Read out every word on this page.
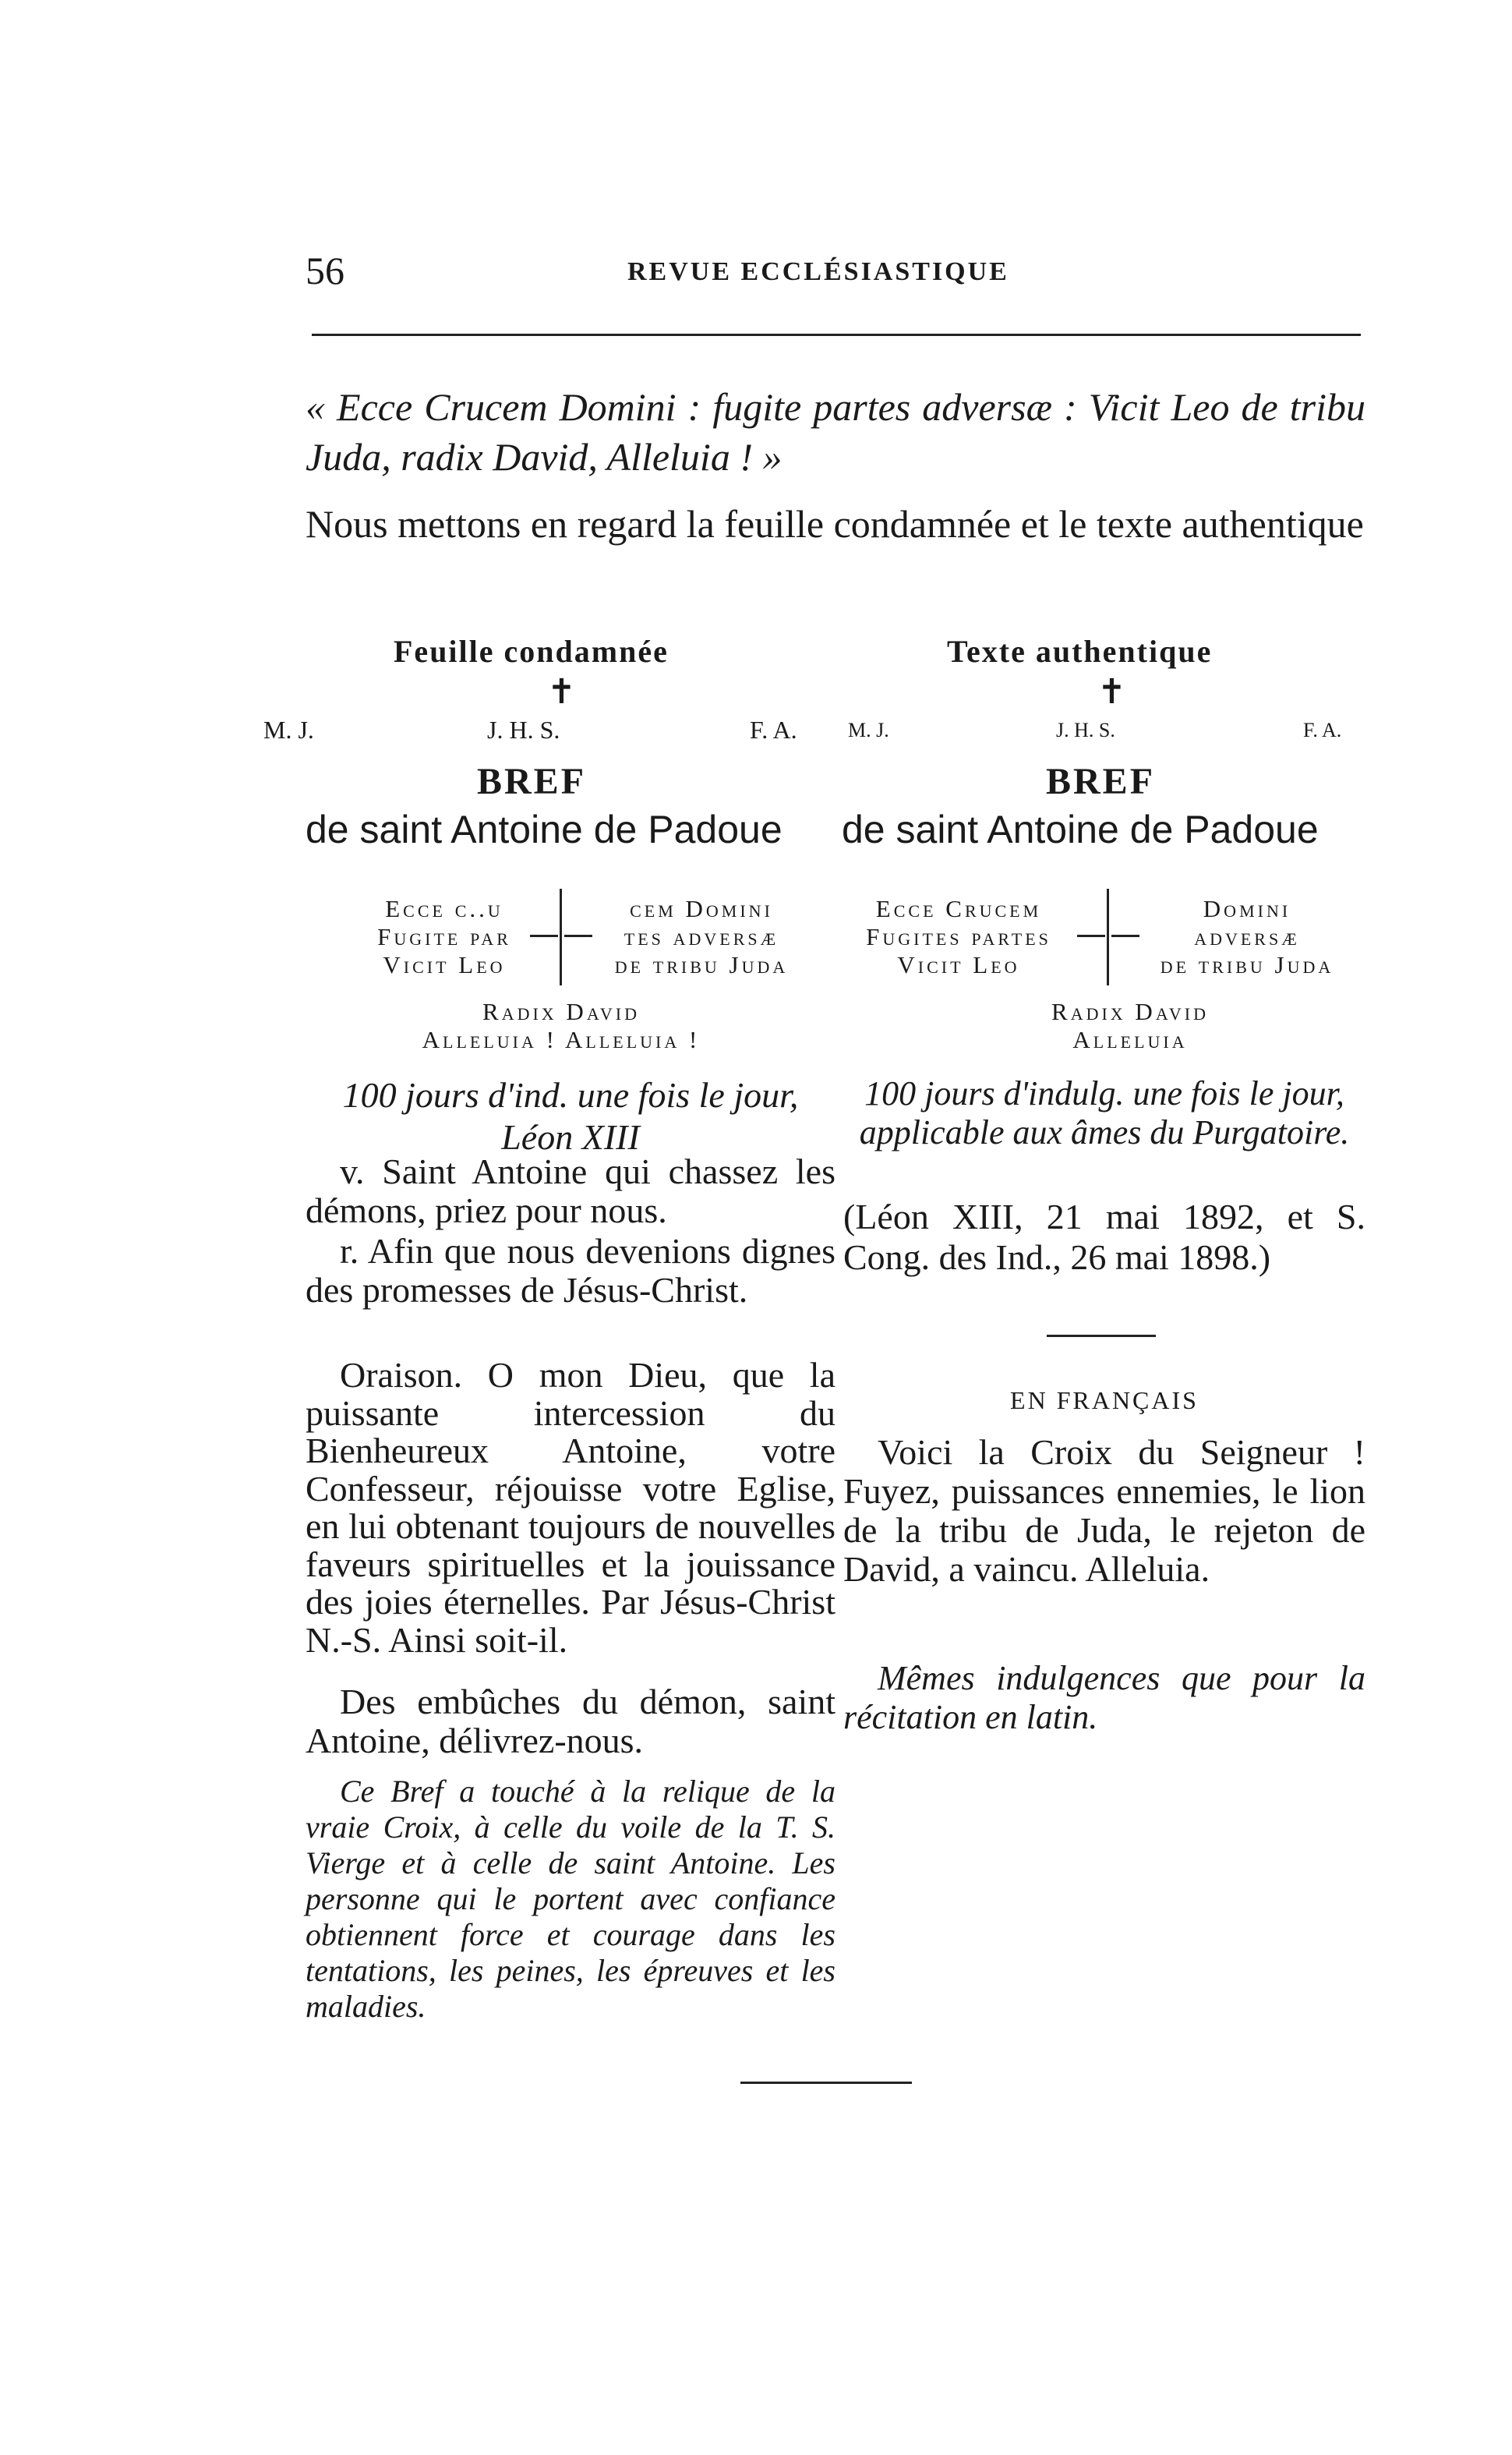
56	REVUE ECCLÉSIASTIQUE
« Ecce Crucem Domini : fugite partes adversæ : Vicit Leo de tribu Juda, radix David, Alleluia ! »
Nous mettons en regard la feuille condamnée et le texte authentique
Feuille condamnée
✝
M. J.	J. H. S.	F. A.
BREF
de saint Antoine de Padoue
Ecce c..u
Fugite par
Vicit Leo
cem Domini
tes adversæ
de tribu Juda
Radix David
Alleluia ! Alleluia !
100 jours d'ind. une fois le jour, Léon XIII
v. Saint Antoine qui chassez les démons, priez pour nous.
r. Afin que nous devenions dignes des promesses de Jésus-Christ.
Oraison. O mon Dieu, que la puissante intercession du Bienheureux Antoine, votre Confesseur, réjouisse votre Eglise, en lui obtenant toujours de nouvelles faveurs spirituelles et la jouissance des joies éternelles. Par Jésus-Christ N.-S. Ainsi soit-il.
Des embûches du démon, saint Antoine, délivrez-nous.
Ce Bref a touché à la relique de la vraie Croix, à celle du voile de la T. S. Vierge et à celle de saint Antoine. Les personne qui le portent avec confiance obtiennent force et courage dans les tentations, les peines, les épreuves et les maladies.
Texte authentique
✝
M. J.	J. H. S.	F. A.
BREF
de saint Antoine de Padoue
Ecce Crucem
Fugites partes
Vicit Leo
Domini
adversæ
de tribu Juda
Radix David
Alleluia
100 jours d'indulg. une fois le jour, applicable aux âmes du Purgatoire.
(Léon XIII, 21 mai 1892, et S. Cong. des Ind., 26 mai 1898.)
EN FRANÇAIS
Voici la Croix du Seigneur ! Fuyez, puissances ennemies, le lion de la tribu de Juda, le rejeton de David, a vaincu. Alleluia.
Mêmes indulgences que pour la récitation en latin.
